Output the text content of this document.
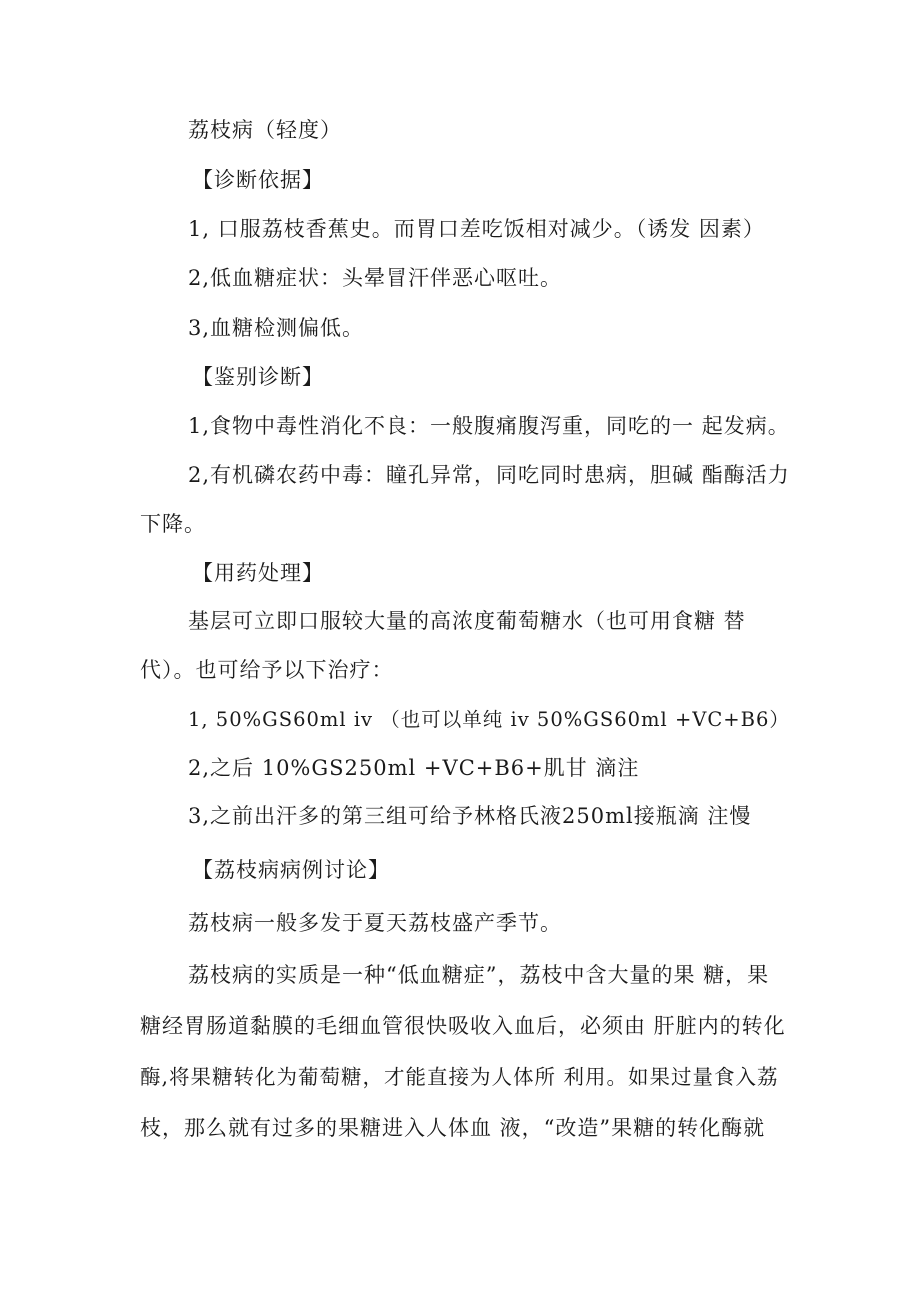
荔枝病（轻度）
【诊断依据】
1, 口服荔枝香蕉史。而胃口差吃饭相对减少。（诱发 因素）
2,低血糖症状：头晕冒汗伴恶心呕吐。
3,血糖检测偏低。
【鉴别诊断】
1,食物中毒性消化不良：一般腹痛腹泻重，同吃的一 起发病。
2,有机磷农药中毒：瞳孔异常，同吃同时患病，胆碱 酯酶活力
下降。
【用药处理】
基层可立即口服较大量的高浓度葡萄糖水（也可用食糖 替
代）。也可给予以下治疗：
1, 50%GS60ml iv （也可以单纯 iv 50%GS60ml +VC+B6）
2,之后 10%GS250ml +VC+B6+肌甘 滴注
3,之前出汗多的第三组可给予林格氏液250ml接瓶滴 注慢
【荔枝病病例讨论】
荔枝病一般多发于夏天荔枝盛产季节。
荔枝病的实质是一种“低血糖症”，荔枝中含大量的果 糖，果
糖经胃肠道黏膜的毛细血管很快吸收入血后，必须由 肝脏内的转化
酶,将果糖转化为葡萄糖，才能直接为人体所 利用。如果过量食入荔
枝，那么就有过多的果糖进入人体血 液，“改造”果糖的转化酶就
